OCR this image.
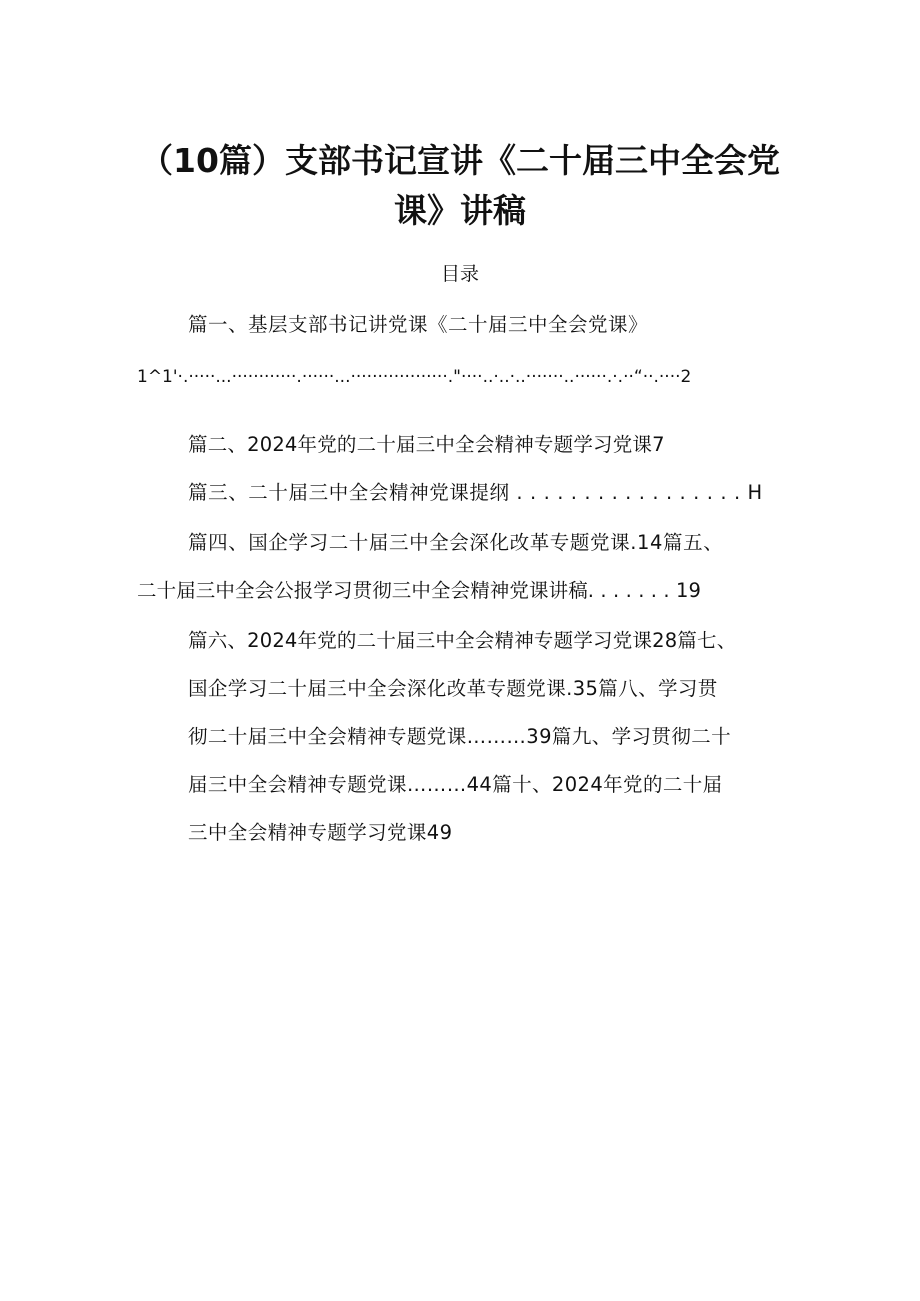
（10篇）支部书记宣讲《二十届三中全会党
课》讲稿
目录
篇一、基层支部书记讲党课《二十届三中全会党课》
1^1'·.·····...············.······...··················."····..·..·..·······..······.·.··“··.····2
篇二、2024年党的二十届三中全会精神专题学习党课7
篇三、二十届三中全会精神党课提纲 . . . . . . . . . . . . . . . . . H
篇四、国企学习二十届三中全会深化改革专题党课.14篇五、
二十届三中全会公报学习贯彻三中全会精神党课讲稿. . . . . . . 19
篇六、2024年党的二十届三中全会精神专题学习党课28篇七、
国企学习二十届三中全会深化改革专题党课.35篇八、学习贯
彻二十届三中全会精神专题党课………39篇九、学习贯彻二十
届三中全会精神专题党课………44篇十、2024年党的二十届
三中全会精神专题学习党课49
